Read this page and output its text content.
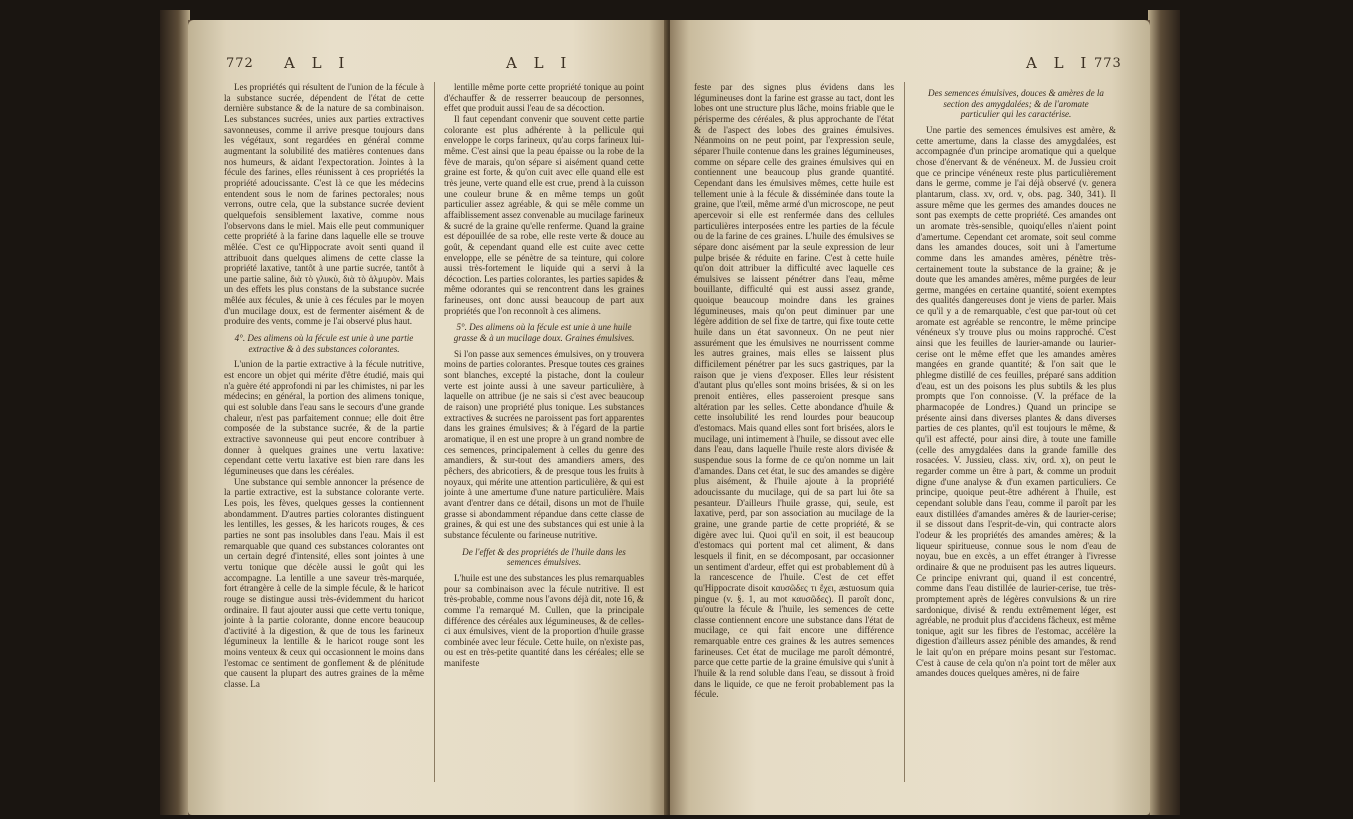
772 A L I	A L I

Les propriétés qui résultent de l'union de la fécule à la substance sucrée, dépendent de l'état de cette dernière substance & de la nature de sa combinaison. Les substances sucrées, unies aux parties extractives savonneuses, comme il arrive presque toujours dans les végétaux, sont regardées en général comme augmentant la solubilité des matières contenues dans nos humeurs, & aidant l'expectoration. Jointes à la fécule des farines, elles réunissent à ces propriétés la propriété adoucissante. C'est là ce que les médecins entendent sous le nom de farines pectorales; nous verrons, outre cela, que la substance sucrée devient quelquefois sensiblement laxative, comme nous l'observons dans le miel. Mais elle peut communiquer cette propriété à la farine dans laquelle elle se trouve mêlée. C'est ce qu'Hippocrate avoit senti quand il attribuoit dans quelques alimens de cette classe la propriété laxative, tantôt à une partie sucrée, tantôt à une partie saline, διὰ τὸ γλυκὺ, διὰ τὸ ἁλμυρὸν. Mais un des effets les plus constans de la substance sucrée mêlée aux fécules, & unie à ces fécules par le moyen d'un mucilage doux, est de fermenter aisément & de produire des vents, comme je l'ai observé plus haut.

4°. Des alimens où la fécule est unie à une partie extractive & à des substances colorantes.

L'union de la partie extractive à la fécule nutritive, est encore un objet qui mérite d'être étudié, mais qui n'a guère été approfondi ni par les chimistes, ni par les médecins; en général, la portion des alimens tonique, qui est soluble dans l'eau sans le secours d'une grande chaleur, n'est pas parfaitement connue; elle doit être composée de la substance sucrée, & de la partie extractive savonneuse qui peut encore contribuer à donner à quelques graines une vertu laxative: cependant cette vertu laxative est bien rare dans les légumineuses que dans les céréales.

Une substance qui semble annoncer la présence de la partie extractive, est la substance colorante verte. Les pois, les fèves, quelques gesses la contiennent abondamment. D'autres parties colorantes distinguent les lentilles, les gesses, & les haricots rouges, & ces parties ne sont pas insolubles dans l'eau. Mais il est remarquable que quand ces substances colorantes ont un certain degré d'intensité, elles sont jointes à une vertu tonique que décèle aussi le goût qui les accompagne. La lentille a une saveur très-marquée, fort étrangère à celle de la simple fécule, & le haricot rouge se distingue aussi très-évidemment du haricot ordinaire. Il faut ajouter aussi que cette vertu tonique, jointe à la partie colorante, donne encore beaucoup d'activité à la digestion, & que de tous les farineux légumineux la lentille & le haricot rouge sont les moins venteux & ceux qui occasionnent le moins dans l'estomac ce sentiment de gonflement & de plénitude que causent la plupart des autres graines de la même classe. La

lentille même porte cette propriété tonique au point d'échauffer & de resserrer beaucoup de personnes, effet que produit aussi l'eau de sa décoction.

Il faut cependant convenir que souvent cette partie colorante est plus adhérente à la pellicule qui enveloppe le corps farineux, qu'au corps farineux lui-même. C'est ainsi que la peau épaisse ou la robe de la fève de marais, qu'on sépare si aisément quand cette graine est forte, & qu'on cuit avec elle quand elle est très jeune, verte quand elle est crue, prend à la cuisson une couleur brune & en même temps un goût particulier assez agréable, & qui se mêle comme un affaiblissement assez convenable au mucilage farineux & sucré de la graine qu'elle renferme. Quand la graine est dépouillée de sa robe, elle reste verte & douce au goût, & cependant quand elle est cuite avec cette enveloppe, elle se pénètre de sa teinture, qui colore aussi très-fortement le liquide qui a servi à la décoction. Les parties colorantes, les parties sapides & même odorantes qui se rencontrent dans les graines farineuses, ont donc aussi beaucoup de part aux propriétés que l'on reconnoît à ces alimens.

5°. Des alimens où la fécule est unie à une huile grasse & à un mucilage doux. Graines émulsives.

Si l'on passe aux semences émulsives, on y trouvera moins de parties colorantes. Presque toutes ces graines sont blanches, excepté la pistache, dont la couleur verte est jointe aussi à une saveur particulière, à laquelle on attribue (je ne sais si c'est avec beaucoup de raison) une propriété plus tonique. Les substances extractives & sucrées ne paroissent pas fort apparentes dans les graines émulsives; & à l'égard de la partie aromatique, il en est une propre à un grand nombre de ces semences, principalement à celles du genre des amandiers, & sur-tout des amandiers amers, des pêchers, des abricotiers, & de presque tous les fruits à noyaux, qui mérite une attention particulière, & qui est jointe à une amertume d'une nature particulière. Mais avant d'entrer dans ce détail, disons un mot de l'huile grasse si abondamment répandue dans cette classe de graines, & qui est une des substances qui est unie à la substance féculente ou farineuse nutritive.

De l'effet & des propriétés de l'huile dans les semences émulsives.

L'huile est une des substances les plus remarquables pour sa combinaison avec la fécule nutritive. Il est très-probable, comme nous l'avons déjà dit, note 16, & comme l'a remarqué M. Cullen, que la principale différence des céréales aux légumineuses, & de celles-ci aux émulsives, vient de la proportion d'huile grasse combinée avec leur fécule. Cette huile, on n'existe pas, ou est en très-petite quantité dans les céréales; elle se manifeste

A L I 773

feste par des signes plus évidens dans les légumineuses dont la farine est grasse au tact, dont les lobes ont une structure plus lâche, moins friable que le périsperme des céréales, & plus approchante de l'état & de l'aspect des lobes des graines émulsives. Néanmoins on ne peut point, par l'expression seule, séparer l'huile contenue dans les graines légumineuses, comme on sépare celle des graines émulsives qui en contiennent une beaucoup plus grande quantité. Cependant dans les émulsives mêmes, cette huile est tellement unie à la fécule & disséminée dans toute la graine, que l'œil, même armé d'un microscope, ne peut apercevoir si elle est renfermée dans des cellules particulières interposées entre les parties de la fécule ou de la farine de ces graines. L'huile des émulsives se sépare donc aisément par la seule expression de leur pulpe brisée & réduite en farine. C'est à cette huile qu'on doit attribuer la difficulté avec laquelle ces émulsives se laissent pénétrer dans l'eau, même bouillante, difficulté qui est aussi assez grande, quoique beaucoup moindre dans les graines légumineuses, mais qu'on peut diminuer par une légère addition de sel fixe de tartre, qui fixe toute cette huile dans un état savonneux. On ne peut nier assurément que les émulsives ne nourrissent comme les autres graines, mais elles se laissent plus difficilement pénétrer par les sucs gastriques, par la raison que je viens d'exposer. Elles leur résistent d'autant plus qu'elles sont moins brisées, & si on les prenoit entières, elles passeroient presque sans altération par les selles. Cette abondance d'huile & cette insolubilité les rend lourdes pour beaucoup d'estomacs. Mais quand elles sont fort brisées, alors le mucilage, uni intimement à l'huile, se dissout avec elle dans l'eau, dans laquelle l'huile reste alors divisée & suspendue sous la forme de ce qu'on nomme un lait d'amandes. Dans cet état, le suc des amandes se digère plus aisément, & l'huile ajoute à la propriété adoucissante du mucilage, qui de sa part lui ôte sa pesanteur. D'ailleurs l'huile grasse, qui, seule, est laxative, perd, par son association au mucilage de la graine, une grande partie de cette propriété, & se digère avec lui. Quoi qu'il en soit, il est beaucoup d'estomacs qui portent mal cet aliment, & dans lesquels il finit, en se décomposant, par occasionner un sentiment d'ardeur, effet qui est probablement dû à la rancescence de l'huile. C'est de cet effet qu'Hippocrate disoit καυσῶδες τι ἔχει, æstuosum quia pingue (v. §. 1, au mot καυσῶδες). Il paroît donc, qu'outre la fécule & l'huile, les semences de cette classe contiennent encore une substance dans l'état de mucilage, ce qui fait encore une différence remarquable entre ces graines & les autres semences farineuses. Cet état de mucilage me paroît démontré, parce que cette partie de la graine émulsive qui s'unit à l'huile & la rend soluble dans l'eau, se dissout à froid dans le liquide, ce que ne feroit probablement pas la fécule.

Des semences émulsives, douces & amères de la section des amygdalées; & de l'aromate particulier qui les caractérise.

Une partie des semences émulsives est amère, & cette amertume, dans la classe des amygdalées, est accompagnée d'un principe aromatique qui a quelque chose d'énervant & de vénéneux. M. de Jussieu croit que ce principe vénéneux reste plus particulièrement dans le germe, comme je l'ai déjà observé (v. genera plantarum, class. xv, ord. v, obs. pag. 340, 341). Il assure même que les germes des amandes douces ne sont pas exempts de cette propriété. Ces amandes ont un aromate très-sensible, quoiqu'elles n'aient point d'amertume. Cependant cet aromate, soit seul comme dans les amandes douces, soit uni à l'amertume comme dans les amandes amères, pénètre très-certainement toute la substance de la graine; & je doute que les amandes amères, même purgées de leur germe, mangées en certaine quantité, soient exemptes des qualités dangereuses dont je viens de parler. Mais ce qu'il y a de remarquable, c'est que par-tout où cet aromate est agréable se rencontre, le même principe vénéneux s'y trouve plus ou moins rapproché. C'est ainsi que les feuilles de laurier-amande ou laurier-cerise ont le même effet que les amandes amères mangées en grande quantité; & l'on sait que le phlegme distillé de ces feuilles, préparé sans addition d'eau, est un des poisons les plus subtils & les plus prompts que l'on connoisse. (V. la préface de la pharmacopée de Londres.) Quand un principe se présente ainsi dans diverses plantes & dans diverses parties de ces plantes, qu'il est toujours le même, & qu'il est affecté, pour ainsi dire, à toute une famille (celle des amygdalées dans la grande famille des rosacées. V. Jussieu, class. xiv, ord. x), on peut le regarder comme un être à part, & comme un produit digne d'une analyse & d'un examen particuliers. Ce principe, quoique peut-être adhérent à l'huile, est cependant soluble dans l'eau, comme il paroît par les eaux distillées d'amandes amères & de laurier-cerise; il se dissout dans l'esprit-de-vin, qui contracte alors l'odeur & les propriétés des amandes amères; & la liqueur spiritueuse, connue sous le nom d'eau de noyau, bue en excès, a un effet étranger à l'ivresse ordinaire & que ne produisent pas les autres liqueurs. Ce principe enivrant qui, quand il est concentré, comme dans l'eau distillée de laurier-cerise, tue très-promptement après de légères convulsions & un rire sardonique, divisé & rendu extrêmement léger, est agréable, ne produit plus d'accidens fâcheux, est même tonique, agit sur les fibres de l'estomac, accélère la digestion d'ailleurs assez pénible des amandes, & rend le lait qu'on en prépare moins pesant sur l'estomac. C'est à cause de cela qu'on n'a point tort de mêler aux amandes douces quelques amères, ni de faire
